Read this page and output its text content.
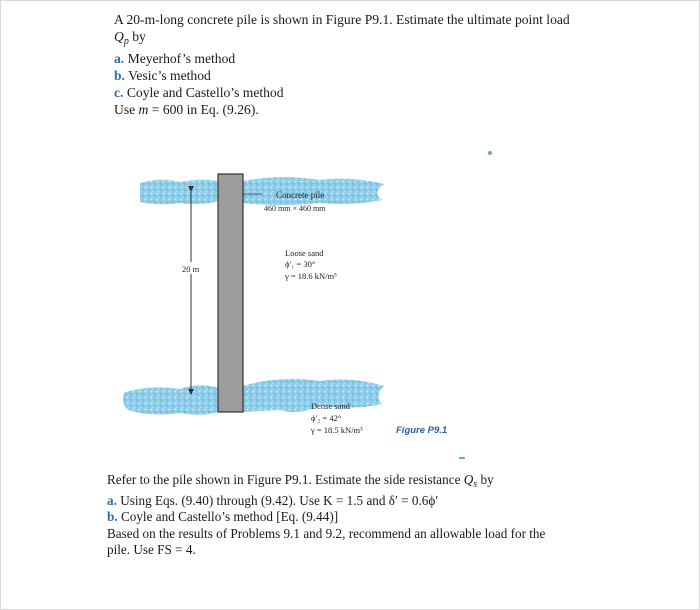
A 20-m-long concrete pile is shown in Figure P9.1. Estimate the ultimate point load
$Q_p$ by
a. Meyerhof’s method
b. Vesic’s method
c. Coyle and Castello’s method
Use m = 600 in Eq. (9.26).
20 m
Concrete pile
460 mm × 460 mm
Loose sand
ϕ′₁ = 30°
γ = 18.6 kN/m³
Dense sand
ϕ′₂ = 42°
γ = 18.5 kN/m³	Figure P9.1
Refer to the pile shown in Figure P9.1. Estimate the side resistance $Q_s$ by
a. Using Eqs. (9.40) through (9.42). Use K = 1.5 and δ′ = 0.6ϕ′
b. Coyle and Castello’s method [Eq. (9.44)]
Based on the results of Problems 9.1 and 9.2, recommend an allowable load for the
pile. Use FS = 4.
